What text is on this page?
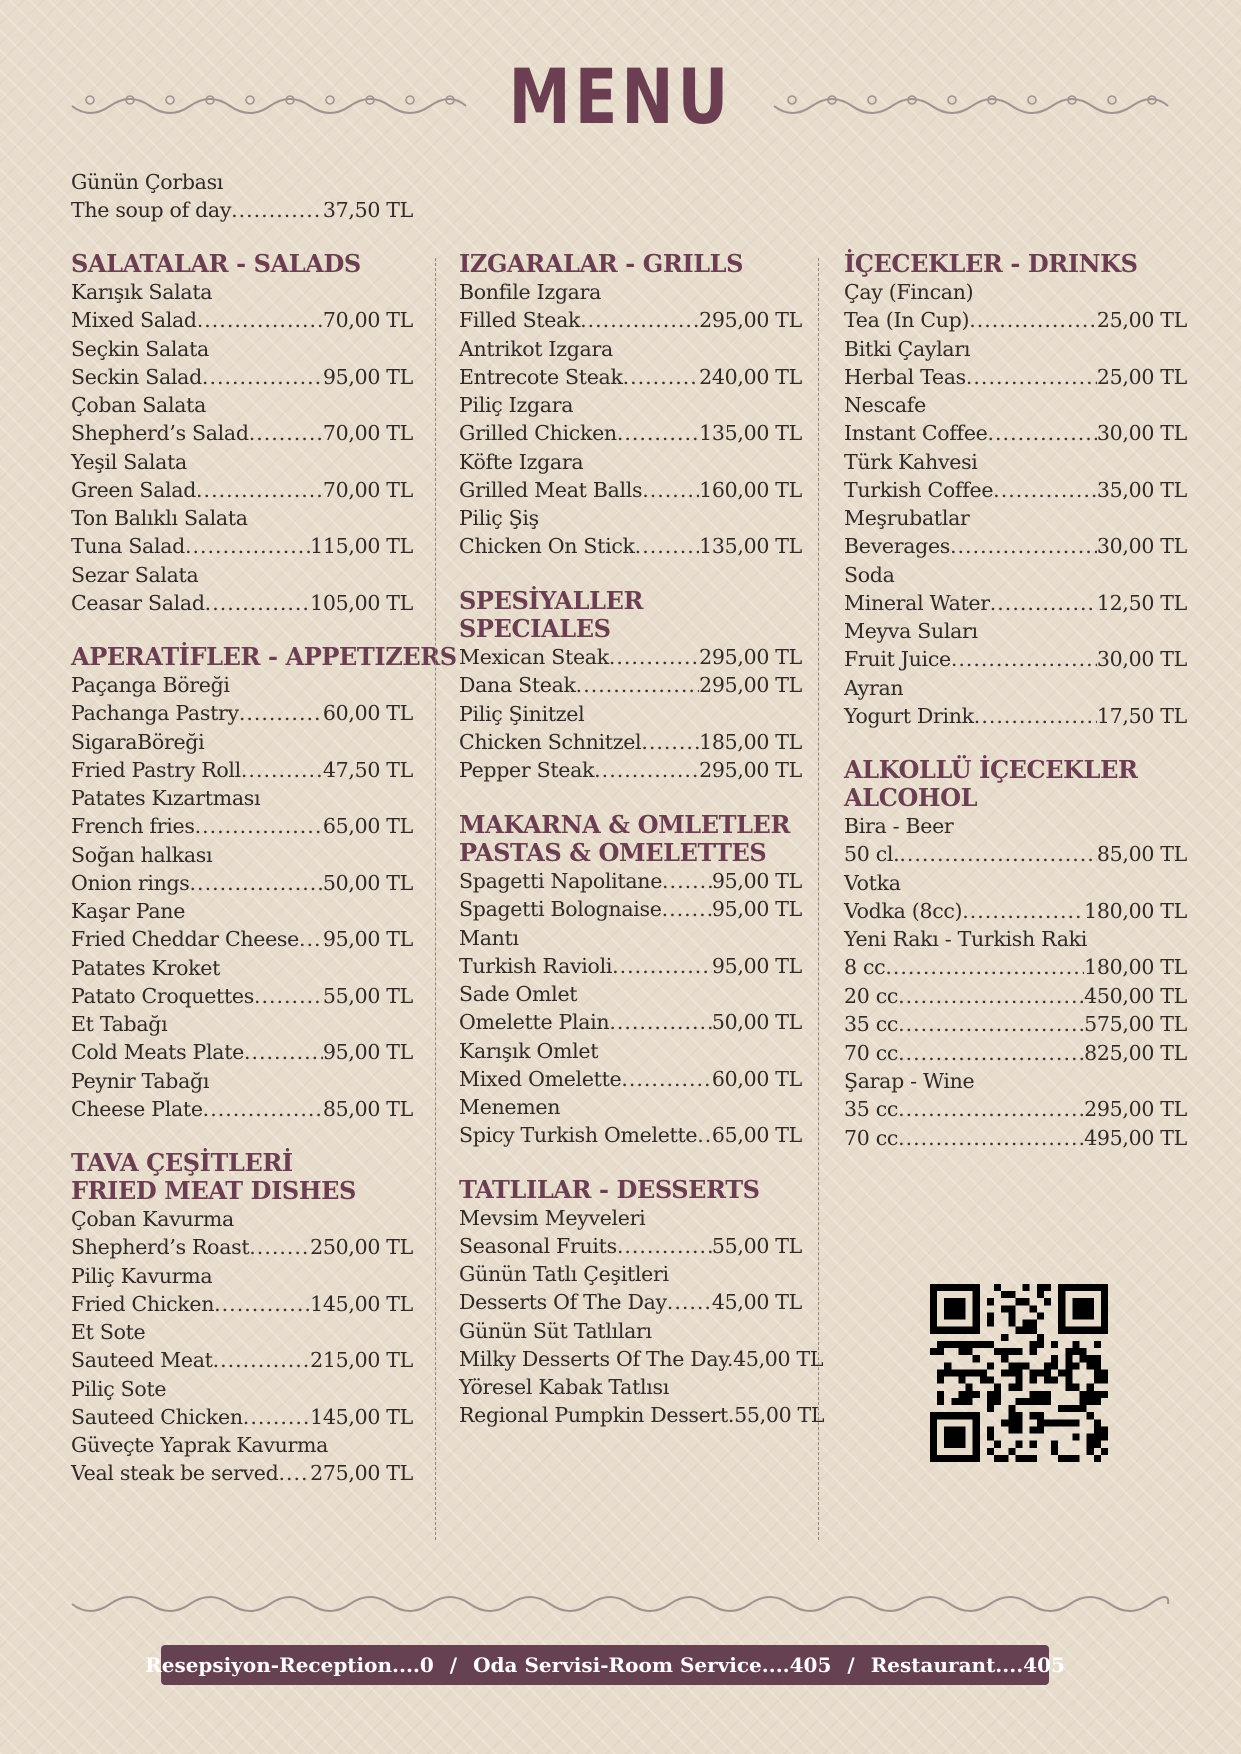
MENU
Günün Çorbası
The soup of day .....	37,50 TL
SALATALAR - SALADS
Karışık Salata
Mixed Salad .....	70,00 TL
Seçkin Salata
Seckin Salad .....	95,00 TL
Çoban Salata
Shepherd’s Salad .....	70,00 TL
Yeşil Salata
Green Salad .....	70,00 TL
Ton Balıklı Salata
Tuna Salad .....	115,00 TL
Sezar Salata
Ceasar Salad .....	105,00 TL
APERATİFLER - APPETIZERS
Paçanga Böreği
Pachanga Pastry .....	60,00 TL
SigaraBöreği
Fried Pastry Roll .....	47,50 TL
Patates Kızartması
French fries .....	65,00 TL
Soğan halkası
Onion rings .....	50,00 TL
Kaşar Pane
Fried Cheddar Cheese ..... 95,00 TL
Patates Kroket
Patato Croquettes .....	55,00 TL
Et Tabağı
Cold Meats Plate .....	95,00 TL
Peynir Tabağı
Cheese Plate .....	85,00 TL
TAVA ÇEŞİTLERİ
FRIED MEAT DISHES
Çoban Kavurma
Shepherd’s Roast .....	250,00 TL
Piliç Kavurma
Fried Chicken .....	145,00 TL
Et Sote
Sauteed Meat .....	215,00 TL
Piliç Sote
Sauteed Chicken .....	145,00 TL
Güveçte Yaprak Kavurma
Veal steak be served ..... 275,00 TL
IZGARALAR - GRILLS
Bonfile Izgara
Filled Steak .....	295,00 TL
Antrikot Izgara
Entrecote Steak .....	240,00 TL
Piliç Izgara
Grilled Chicken .....	135,00 TL
Köfte Izgara
Grilled Meat Balls .....	160,00 TL
Piliç Şiş
Chicken On Stick .....	135,00 TL
SPESİYALLER
SPECIALES
Mexican Steak .....	295,00 TL
Dana Steak .....	295,00 TL
Piliç Şinitzel
Chicken Schnitzel .....	185,00 TL
Pepper Steak .....	295,00 TL
MAKARNA & OMLETLER
PASTAS & OMELETTES
Spagetti Napolitane ..... 95,00 TL
Spagetti Bolognaise ..... 95,00 TL
Mantı
Turkish Ravioli .....	95,00 TL
Sade Omlet
Omelette Plain .....	50,00 TL
Karışık Omlet
Mixed Omelette .....	60,00 TL
Menemen
Spicy Turkish Omelette ..... 65,00 TL
TATLILAR - DESSERTS
Mevsim Meyveleri
Seasonal Fruits .....	55,00 TL
Günün Tatlı Çeşitleri
Desserts Of The Day ..... 45,00 TL
Günün Süt Tatlıları
Milky Desserts Of The Day. 45,00 TL
Yöresel Kabak Tatlısı
Regional Pumpkin Dessert. 55,00 TL
İÇECEKLER - DRINKS
Çay (Fincan)
Tea (In Cup) .....	25,00 TL
Bitki Çayları
Herbal Teas .....	25,00 TL
Nescafe
Instant Coffee .....	30,00 TL
Türk Kahvesi
Turkish Coffee .....	35,00 TL
Meşrubatlar
Beverages .....	30,00 TL
Soda
Mineral Water .....	12,50 TL
Meyva Suları
Fruit Juice .....	30,00 TL
Ayran
Yogurt Drink .....	17,50 TL
ALKOLLÜ İÇECEKLER
ALCOHOL
Bira - Beer
50 cl. .....	85,00 TL
Votka
Vodka (8cc) .....	180,00 TL
Yeni Rakı - Turkish Raki
8 cc .....	180,00 TL
20 cc .....	450,00 TL
35 cc .....	575,00 TL
70 cc .....	825,00 TL
Şarap - Wine
35 cc .....	295,00 TL
70 cc .....	495,00 TL
Resepsiyon-Reception....0 / Oda Servisi-Room Service....405 / Restaurant....405
